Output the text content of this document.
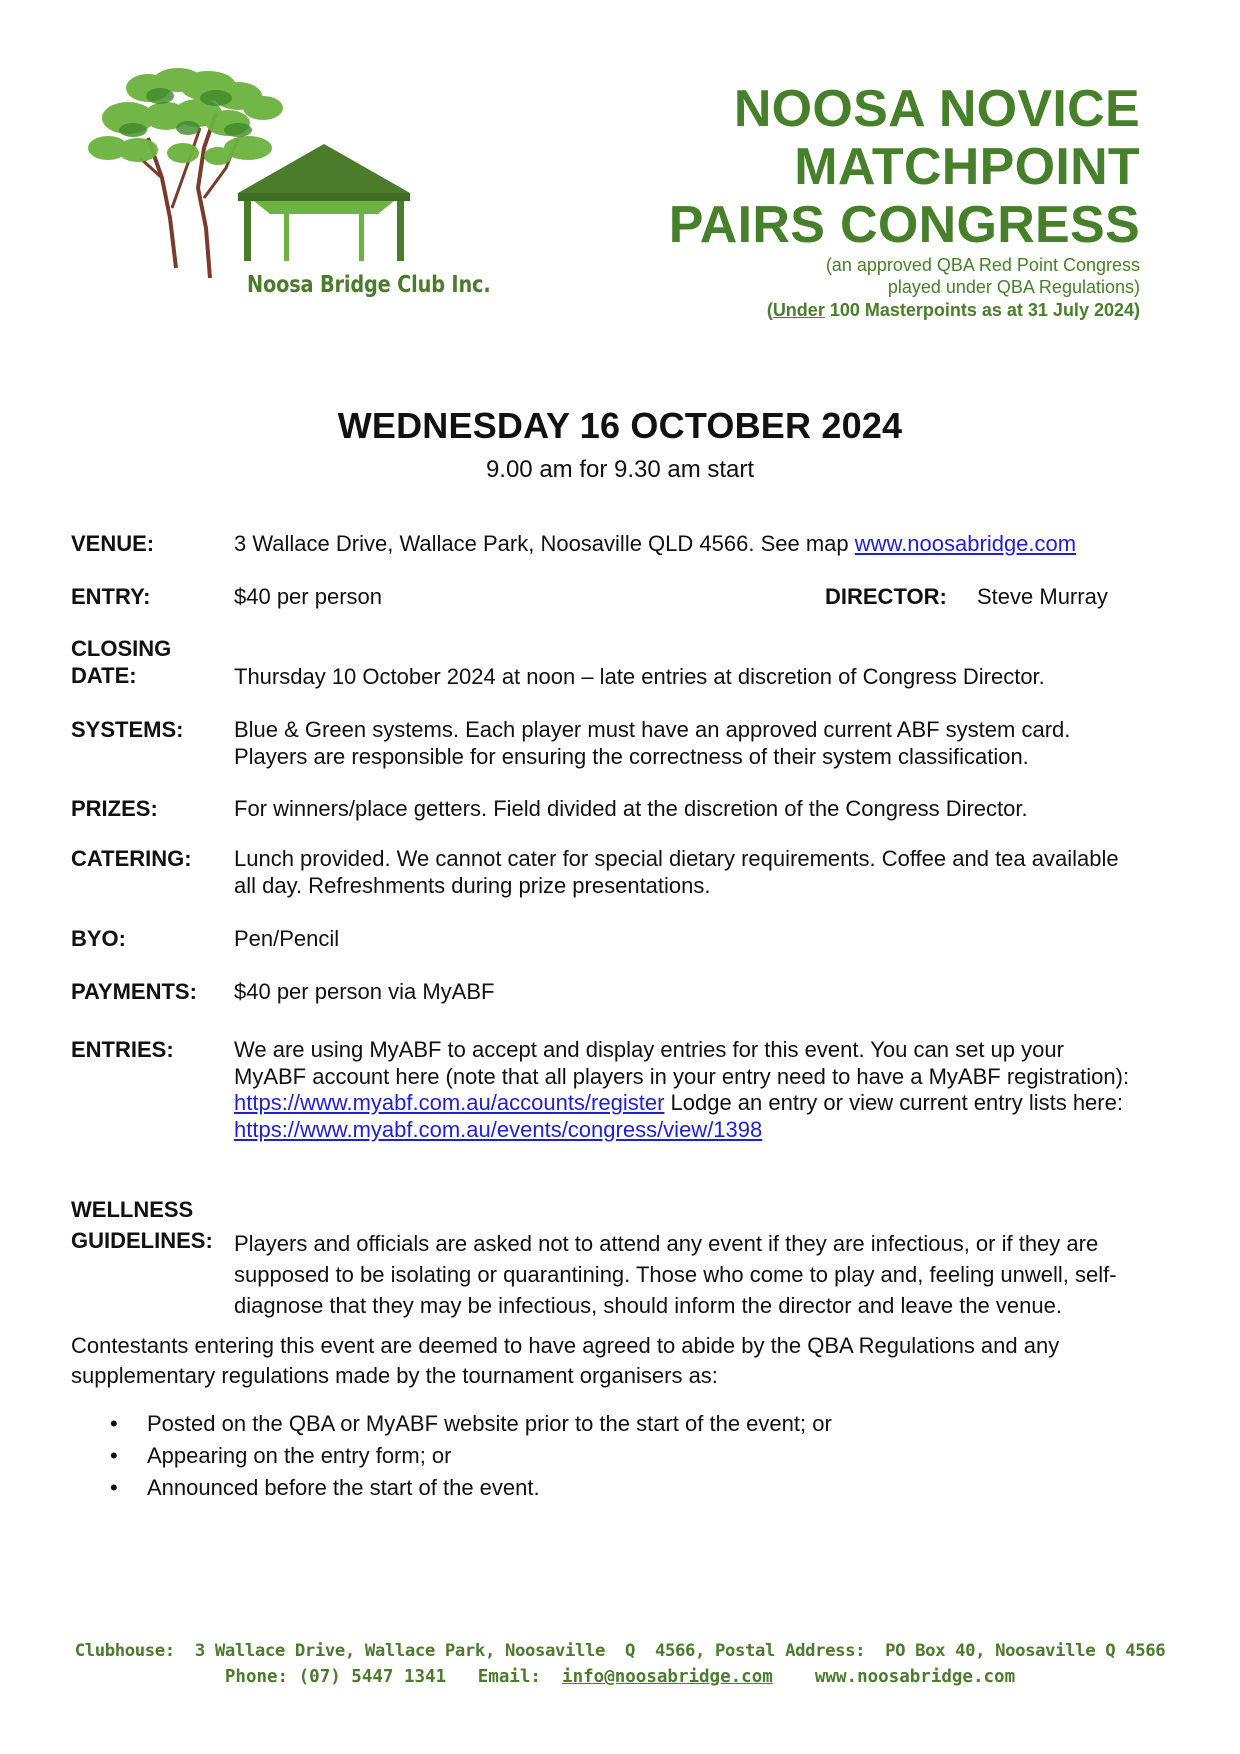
Noosa Bridge Club Inc.
NOOSA NOVICE
MATCHPOINT
PAIRS CONGRESS
(an approved QBA Red Point Congress
played under QBA Regulations)
(Under 100 Masterpoints as at 31 July 2024)
WEDNESDAY 16 OCTOBER 2024
9.00 am for 9.30 am start
VENUE:	3 Wallace Drive, Wallace Park, Noosaville QLD 4566. See map www.noosabridge.com
ENTRY:	$40 per person	DIRECTOR: Steve Murray
CLOSING
DATE:	Thursday 10 October 2024 at noon – late entries at discretion of Congress Director.
SYSTEMS: Blue & Green systems. Each player must have an approved current ABF system card.
Players are responsible for ensuring the correctness of their system classification.
PRIZES:	For winners/place getters. Field divided at the discretion of the Congress Director.
CATERING: Lunch provided. We cannot cater for special dietary requirements. Coffee and tea available
all day. Refreshments during prize presentations.
BYO:	Pen/Pencil
PAYMENTS: $40 per person via MyABF
ENTRIES:	We are using MyABF to accept and display entries for this event. You can set up your
MyABF account here (note that all players in your entry need to have a MyABF registration):
https://www.myabf.com.au/accounts/register Lodge an entry or view current entry lists here:
https://www.myabf.com.au/events/congress/view/1398
WELLNESS
GUIDELINES: Players and officials are asked not to attend any event if they are infectious, or if they are
supposed to be isolating or quarantining. Those who come to play and, feeling unwell, self-
diagnose that they may be infectious, should inform the director and leave the venue.
Contestants entering this event are deemed to have agreed to abide by the QBA Regulations and any
supplementary regulations made by the tournament organisers as:
• Posted on the QBA or MyABF website prior to the start of the event; or
• Appearing on the entry form; or
• Announced before the start of the event.
Clubhouse:  3 Wallace Drive, Wallace Park, Noosaville  Q  4566, Postal Address:  PO Box 40, Noosaville Q 4566
Phone: (07) 5447 1341 Email: info@noosabridge.com www.noosabridge.com
